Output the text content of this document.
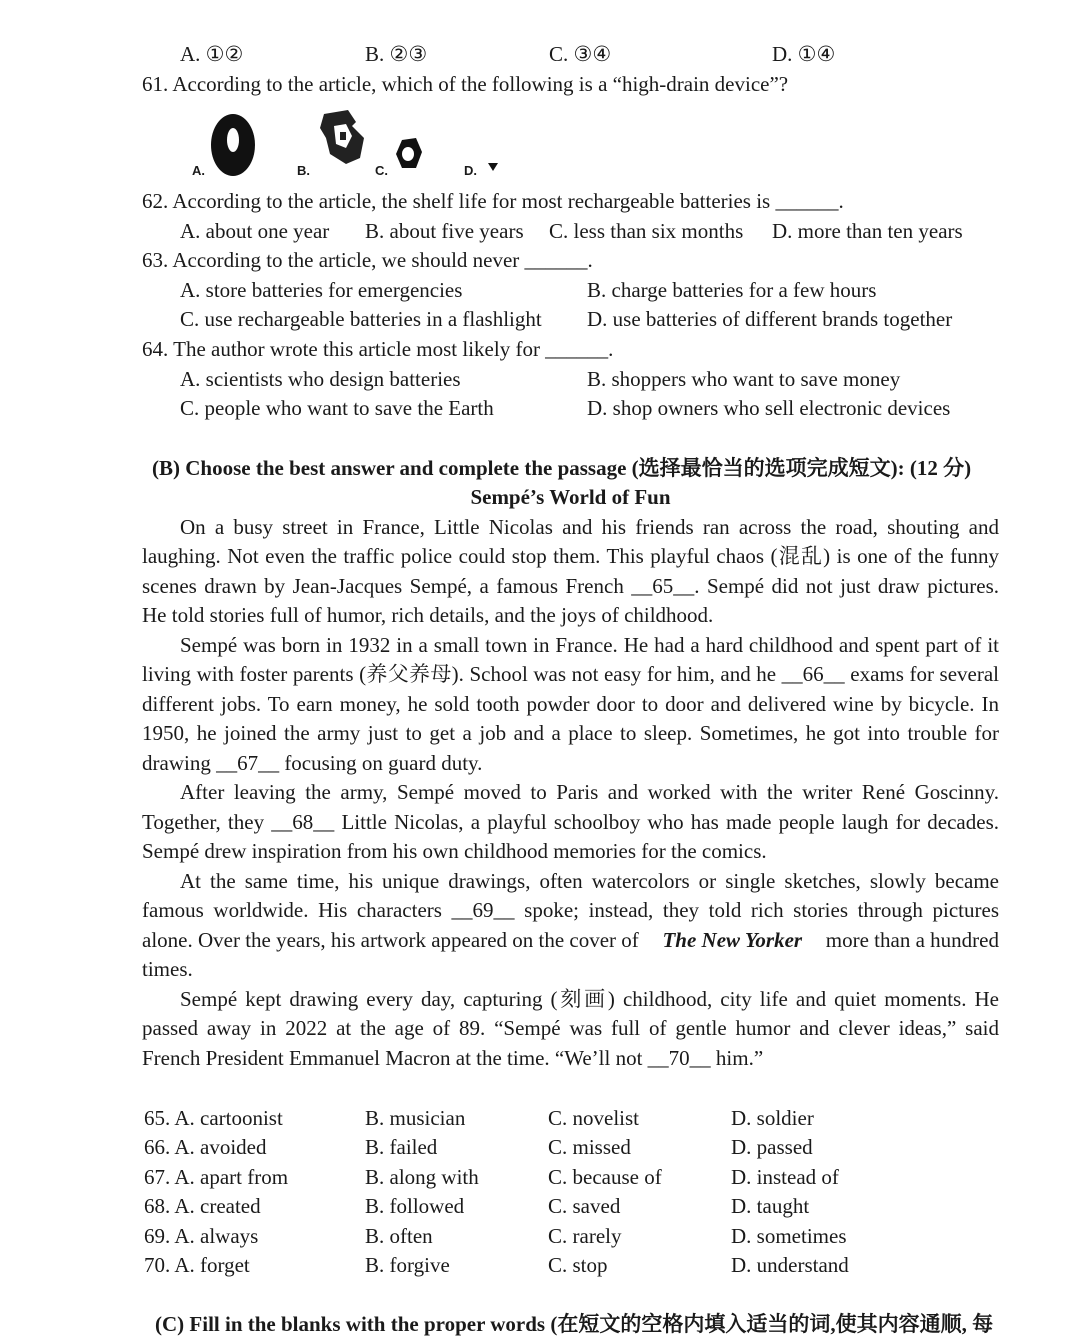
A. ①②	B. ②③	C. ③④	D. ①④
61. According to the article, which of the following is a “high-drain device”?
A.	B.	C.	D.
62. According to the article, the shelf life for most rechargeable batteries is ______.
A. about one year B. about five years C. less than six months D. more than ten years
63. According to the article, we should never ______.
A. store batteries for emergencies	B. charge batteries for a few hours
C. use rechargeable batteries in a flashlight D. use batteries of different brands together
64. The author wrote this article most likely for ______.
A. scientists who design batteries	B. shoppers who want to save money
C. people who want to save the Earth	D. shop owners who sell electronic devices
(B) Choose the best answer and complete the passage (选择最恰当的选项完成短文): (12 分)
Sempé’s World of Fun
On a busy street in France, Little Nicolas and his friends ran across the road, shouting and
laughing. Not even the traffic police could stop them. This playful chaos (混乱) is one of the funny
scenes drawn by Jean-Jacques Sempé, a famous French __65__. Sempé did not just draw pictures.
He told stories full of humor, rich details, and the joys of childhood.
Sempé was born in 1932 in a small town in France. He had a hard childhood and spent part of it
living with foster parents (养父养母). School was not easy for him, and he __66__ exams for several
different jobs. To earn money, he sold tooth powder door to door and delivered wine by bicycle. In
1950, he joined the army just to get a job and a place to sleep. Sometimes, he got into trouble for
drawing __67__ focusing on guard duty.
After leaving the army, Sempé moved to Paris and worked with the writer René Goscinny.
Together, they __68__ Little Nicolas, a playful schoolboy who has made people laugh for decades.
Sempé drew inspiration from his own childhood memories for the comics.
At the same time, his unique drawings, often watercolors or single sketches, slowly became
famous worldwide. His characters __69__ spoke; instead, they told rich stories through pictures
alone. Over the years, his artwork appeared on the cover of The New Yorker more than a hundred
times.
Sempé kept drawing every day, capturing (刻画) childhood, city life and quiet moments. He
passed away in 2022 at the age of 89. “Sempé was full of gentle humor and clever ideas,” said
French President Emmanuel Macron at the time. “We’ll not __70__ him.”
65. A. cartoonist	B. musician	C. novelist	D. soldier
66. A. avoided	B. failed	C. missed	D. passed
67. A. apart from	B. along with	C. because of	D. instead of
68. A. created	B. followed	C. saved	D. taught
69. A. always	B. often	C. rarely	D. sometimes
70. A. forget	B. forgive	C. stop	D. understand
(C) Fill in the blanks with the proper words (在短文的空格内填入适当的词,使其内容通顺, 每
